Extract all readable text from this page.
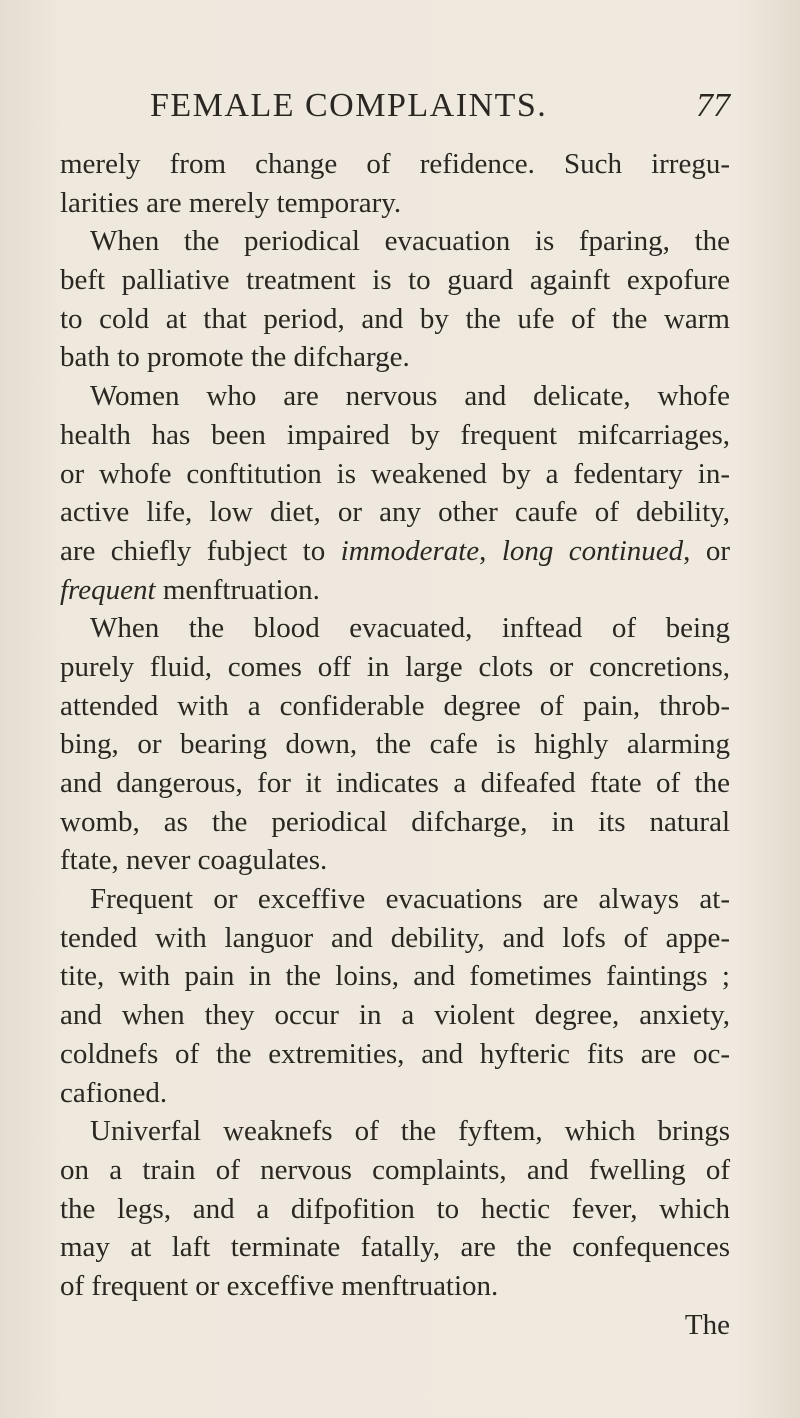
FEMALE COMPLAINTS.	77
merely from change of refidence. Such irregu-
larities are merely temporary.
When the periodical evacuation is fparing, the
beft palliative treatment is to guard againft expofure
to cold at that period, and by the ufe of the warm
bath to promote the difcharge.
Women who are nervous and delicate, whofe
health has been impaired by frequent mifcarriages,
or whofe conftitution is weakened by a fedentary in-
active life, low diet, or any other caufe of debility,
are chiefly fubject to immoderate, long continued, or
frequent menftruation.
When the blood evacuated, inftead of being
purely fluid, comes off in large clots or concretions,
attended with a confiderable degree of pain, throb-
bing, or bearing down, the cafe is highly alarming
and dangerous, for it indicates a difeafed ftate of the
womb, as the periodical difcharge, in its natural
ftate, never coagulates.
Frequent or exceffive evacuations are always at-
tended with languor and debility, and lofs of appe-
tite, with pain in the loins, and fometimes faintings ;
and when they occur in a violent degree, anxiety,
coldnefs of the extremities, and hyfteric fits are oc-
cafioned.
Univerfal weaknefs of the fyftem, which brings
on a train of nervous complaints, and fwelling of
the legs, and a difpofition to hectic fever, which
may at laft terminate fatally, are the confequences
of frequent or exceffive menftruation.
The
